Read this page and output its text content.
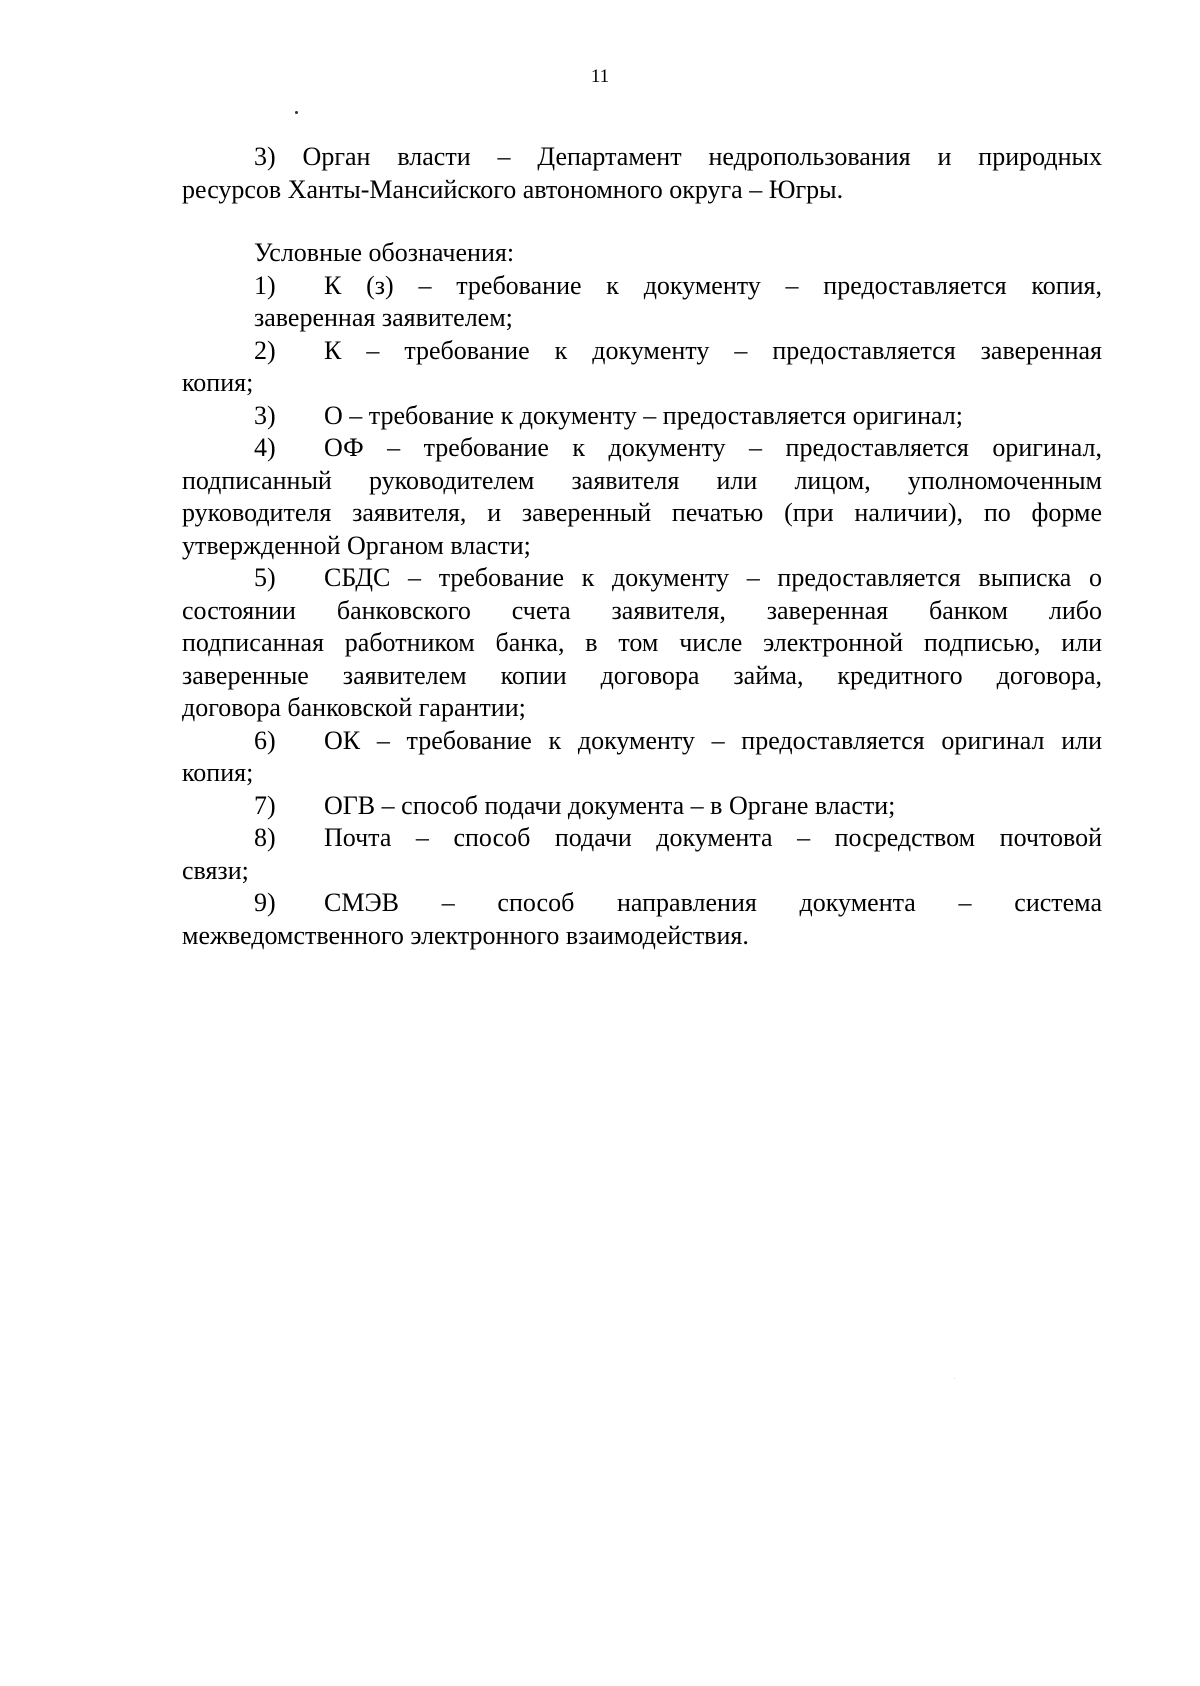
11
3) Орган власти – Департамент недропользования и природных
ресурсов Ханты-Мансийского автономного округа – Югры.
Условные обозначения:
1)	К (з) – требование к документу – предоставляется копия,
заверенная заявителем;
2)	К – требование к документу – предоставляется заверенная
копия;
3)	О – требование к документу – предоставляется оригинал;
4)	ОФ – требование к документу – предоставляется оригинал,
подписанный руководителем заявителя или лицом, уполномоченным
руководителя заявителя, и заверенный печатью (при наличии), по форме
утвержденной Органом власти;
5)	СБДС – требование к документу – предоставляется выписка о
состоянии банковского счета заявителя, заверенная банком либо
подписанная работником банка, в том числе электронной подписью, или
заверенные заявителем копии договора займа, кредитного договора,
договора банковской гарантии;
6)	ОК – требование к документу – предоставляется оригинал или
копия;
7)	ОГВ – способ подачи документа – в Органе власти;
8)	Почта – способ подачи документа – посредством почтовой
связи;
9)	СМЭВ – способ направления документа – система
межведомственного электронного взаимодействия.
